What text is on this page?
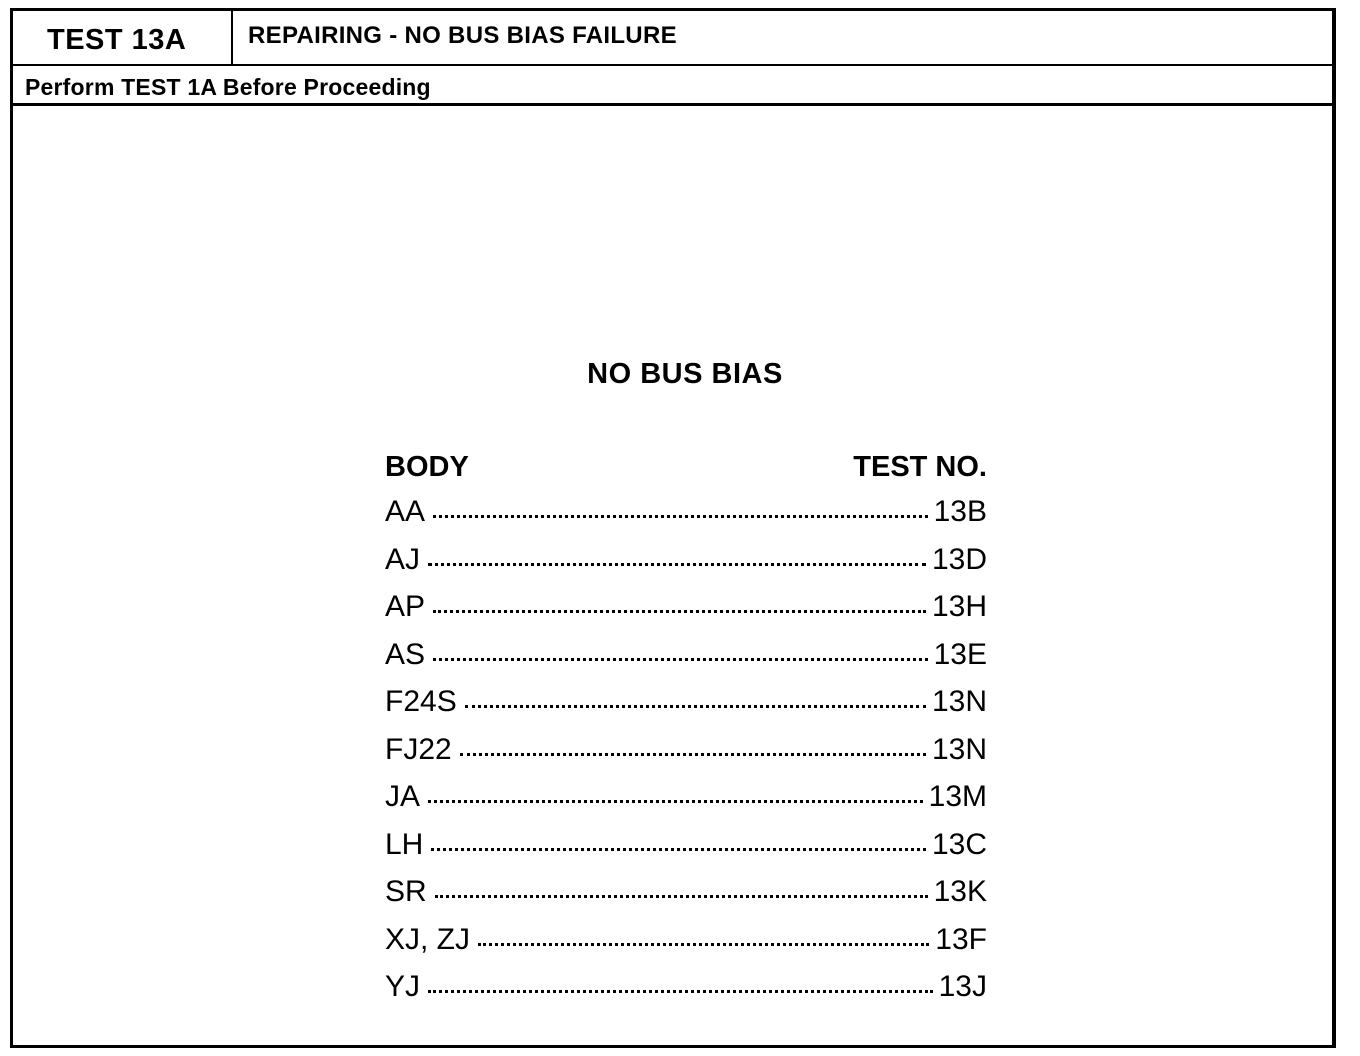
TEST 13A	REPAIRING - NO BUS BIAS FAILURE
Perform TEST 1A Before Proceeding
NO BUS BIAS
BODY	TEST NO.
AA	13B
AJ	13D
AP	13H
AS	13E
F24S	13N
FJ22	13N
JA	13M
LH	13C
SR	13K
XJ, ZJ	13F
YJ	13J
